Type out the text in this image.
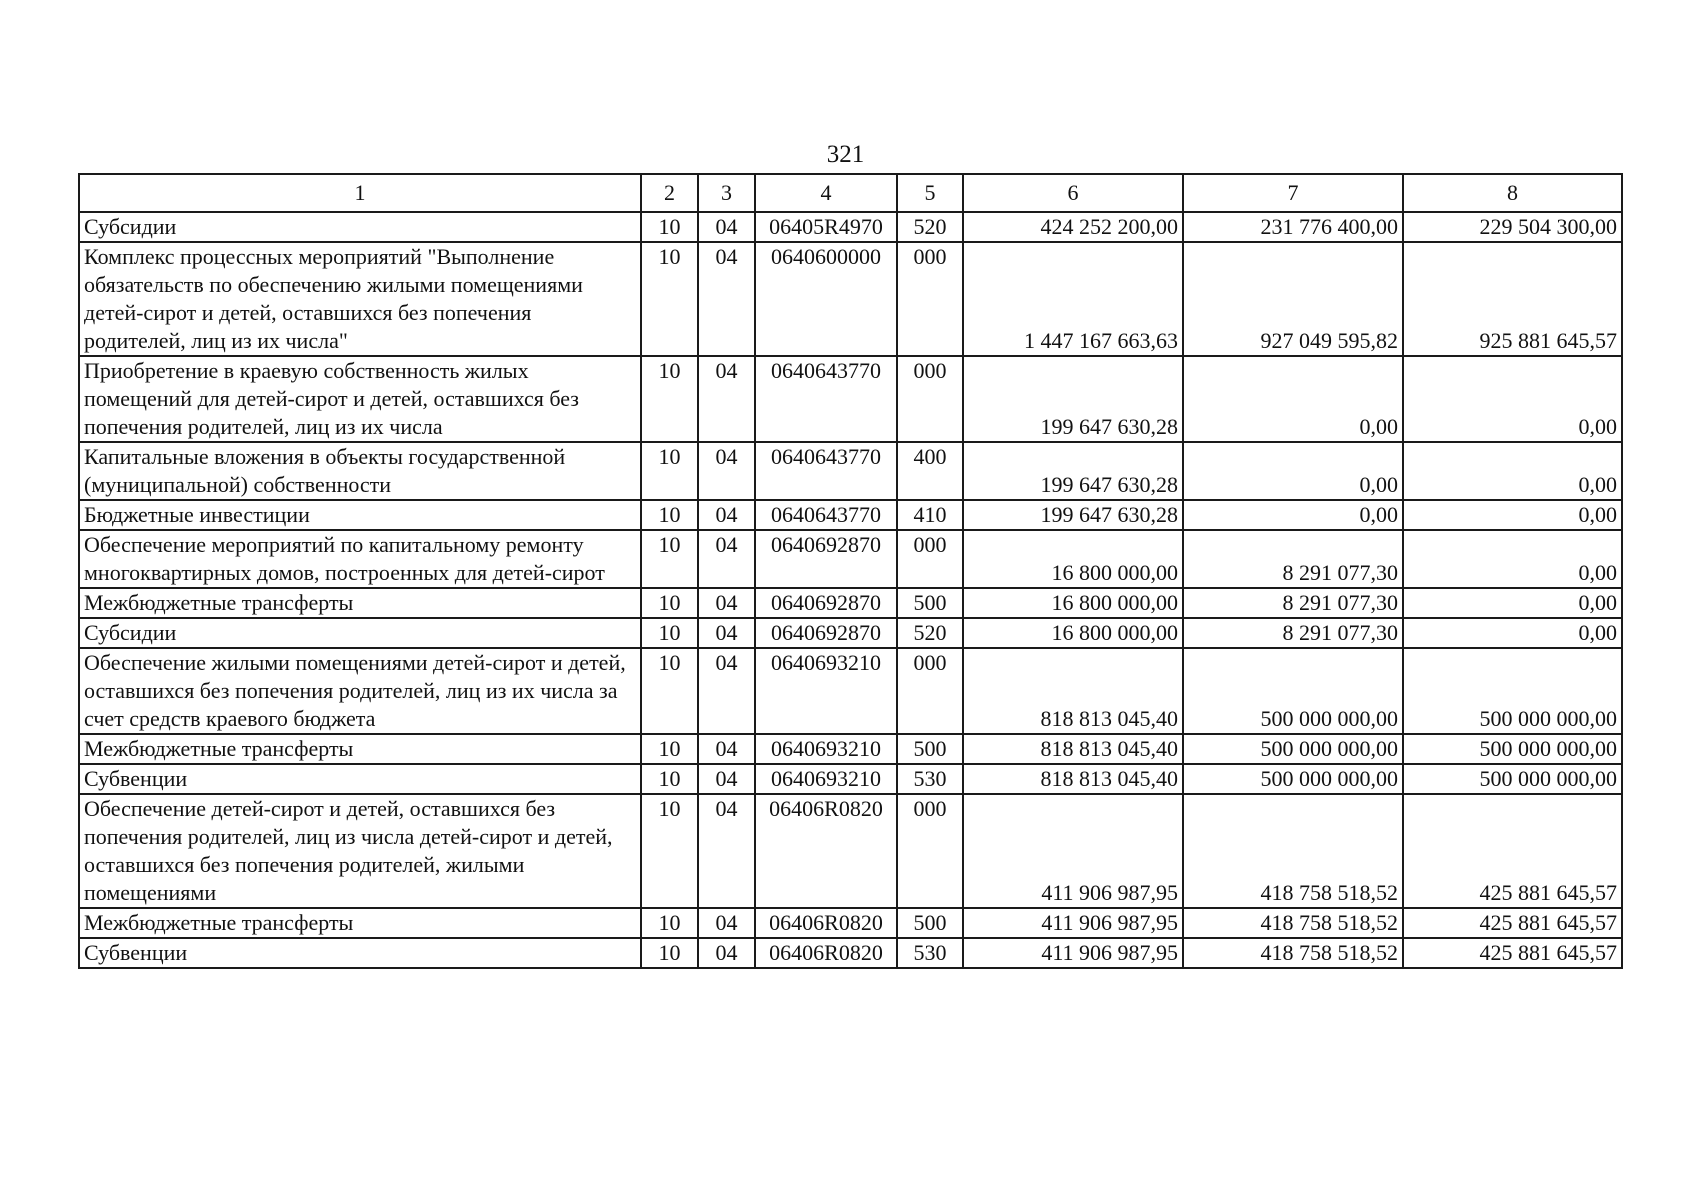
321
1	2	3	4	5	6	7	8
Субсидии	10	04	06405R4970	520	424 252 200,00	231 776 400,00	229 504 300,00
Комплекс процессных мероприятий "Выполнение обязательств по обеспечению жилыми помещениями детей-сирот и детей, оставшихся без попечения родителей, лиц из их числа"	10	04	0640600000	000	1 447 167 663,63	927 049 595,82	925 881 645,57
Приобретение в краевую собственность жилых помещений для детей-сирот и детей, оставшихся без попечения родителей, лиц из их числа	10	04	0640643770	000	199 647 630,28	0,00	0,00
Капитальные вложения в объекты государственной (муниципальной) собственности	10	04	0640643770	400	199 647 630,28	0,00	0,00
Бюджетные инвестиции	10	04	0640643770	410	199 647 630,28	0,00	0,00
Обеспечение мероприятий по капитальному ремонту многоквартирных домов, построенных для детей-сирот	10	04	0640692870	000	16 800 000,00	8 291 077,30	0,00
Межбюджетные трансферты	10	04	0640692870	500	16 800 000,00	8 291 077,30	0,00
Субсидии	10	04	0640692870	520	16 800 000,00	8 291 077,30	0,00
Обеспечение жилыми помещениями детей-сирот и детей, оставшихся без попечения родителей, лиц из их числа за счет средств краевого бюджета	10	04	0640693210	000	818 813 045,40	500 000 000,00	500 000 000,00
Межбюджетные трансферты	10	04	0640693210	500	818 813 045,40	500 000 000,00	500 000 000,00
Субвенции	10	04	0640693210	530	818 813 045,40	500 000 000,00	500 000 000,00
Обеспечение детей-сирот и детей, оставшихся без попечения родителей, лиц из числа детей-сирот и детей, оставшихся без попечения родителей, жилыми помещениями	10	04	06406R0820	000	411 906 987,95	418 758 518,52	425 881 645,57
Межбюджетные трансферты	10	04	06406R0820	500	411 906 987,95	418 758 518,52	425 881 645,57
Субвенции	10	04	06406R0820	530	411 906 987,95	418 758 518,52	425 881 645,57
